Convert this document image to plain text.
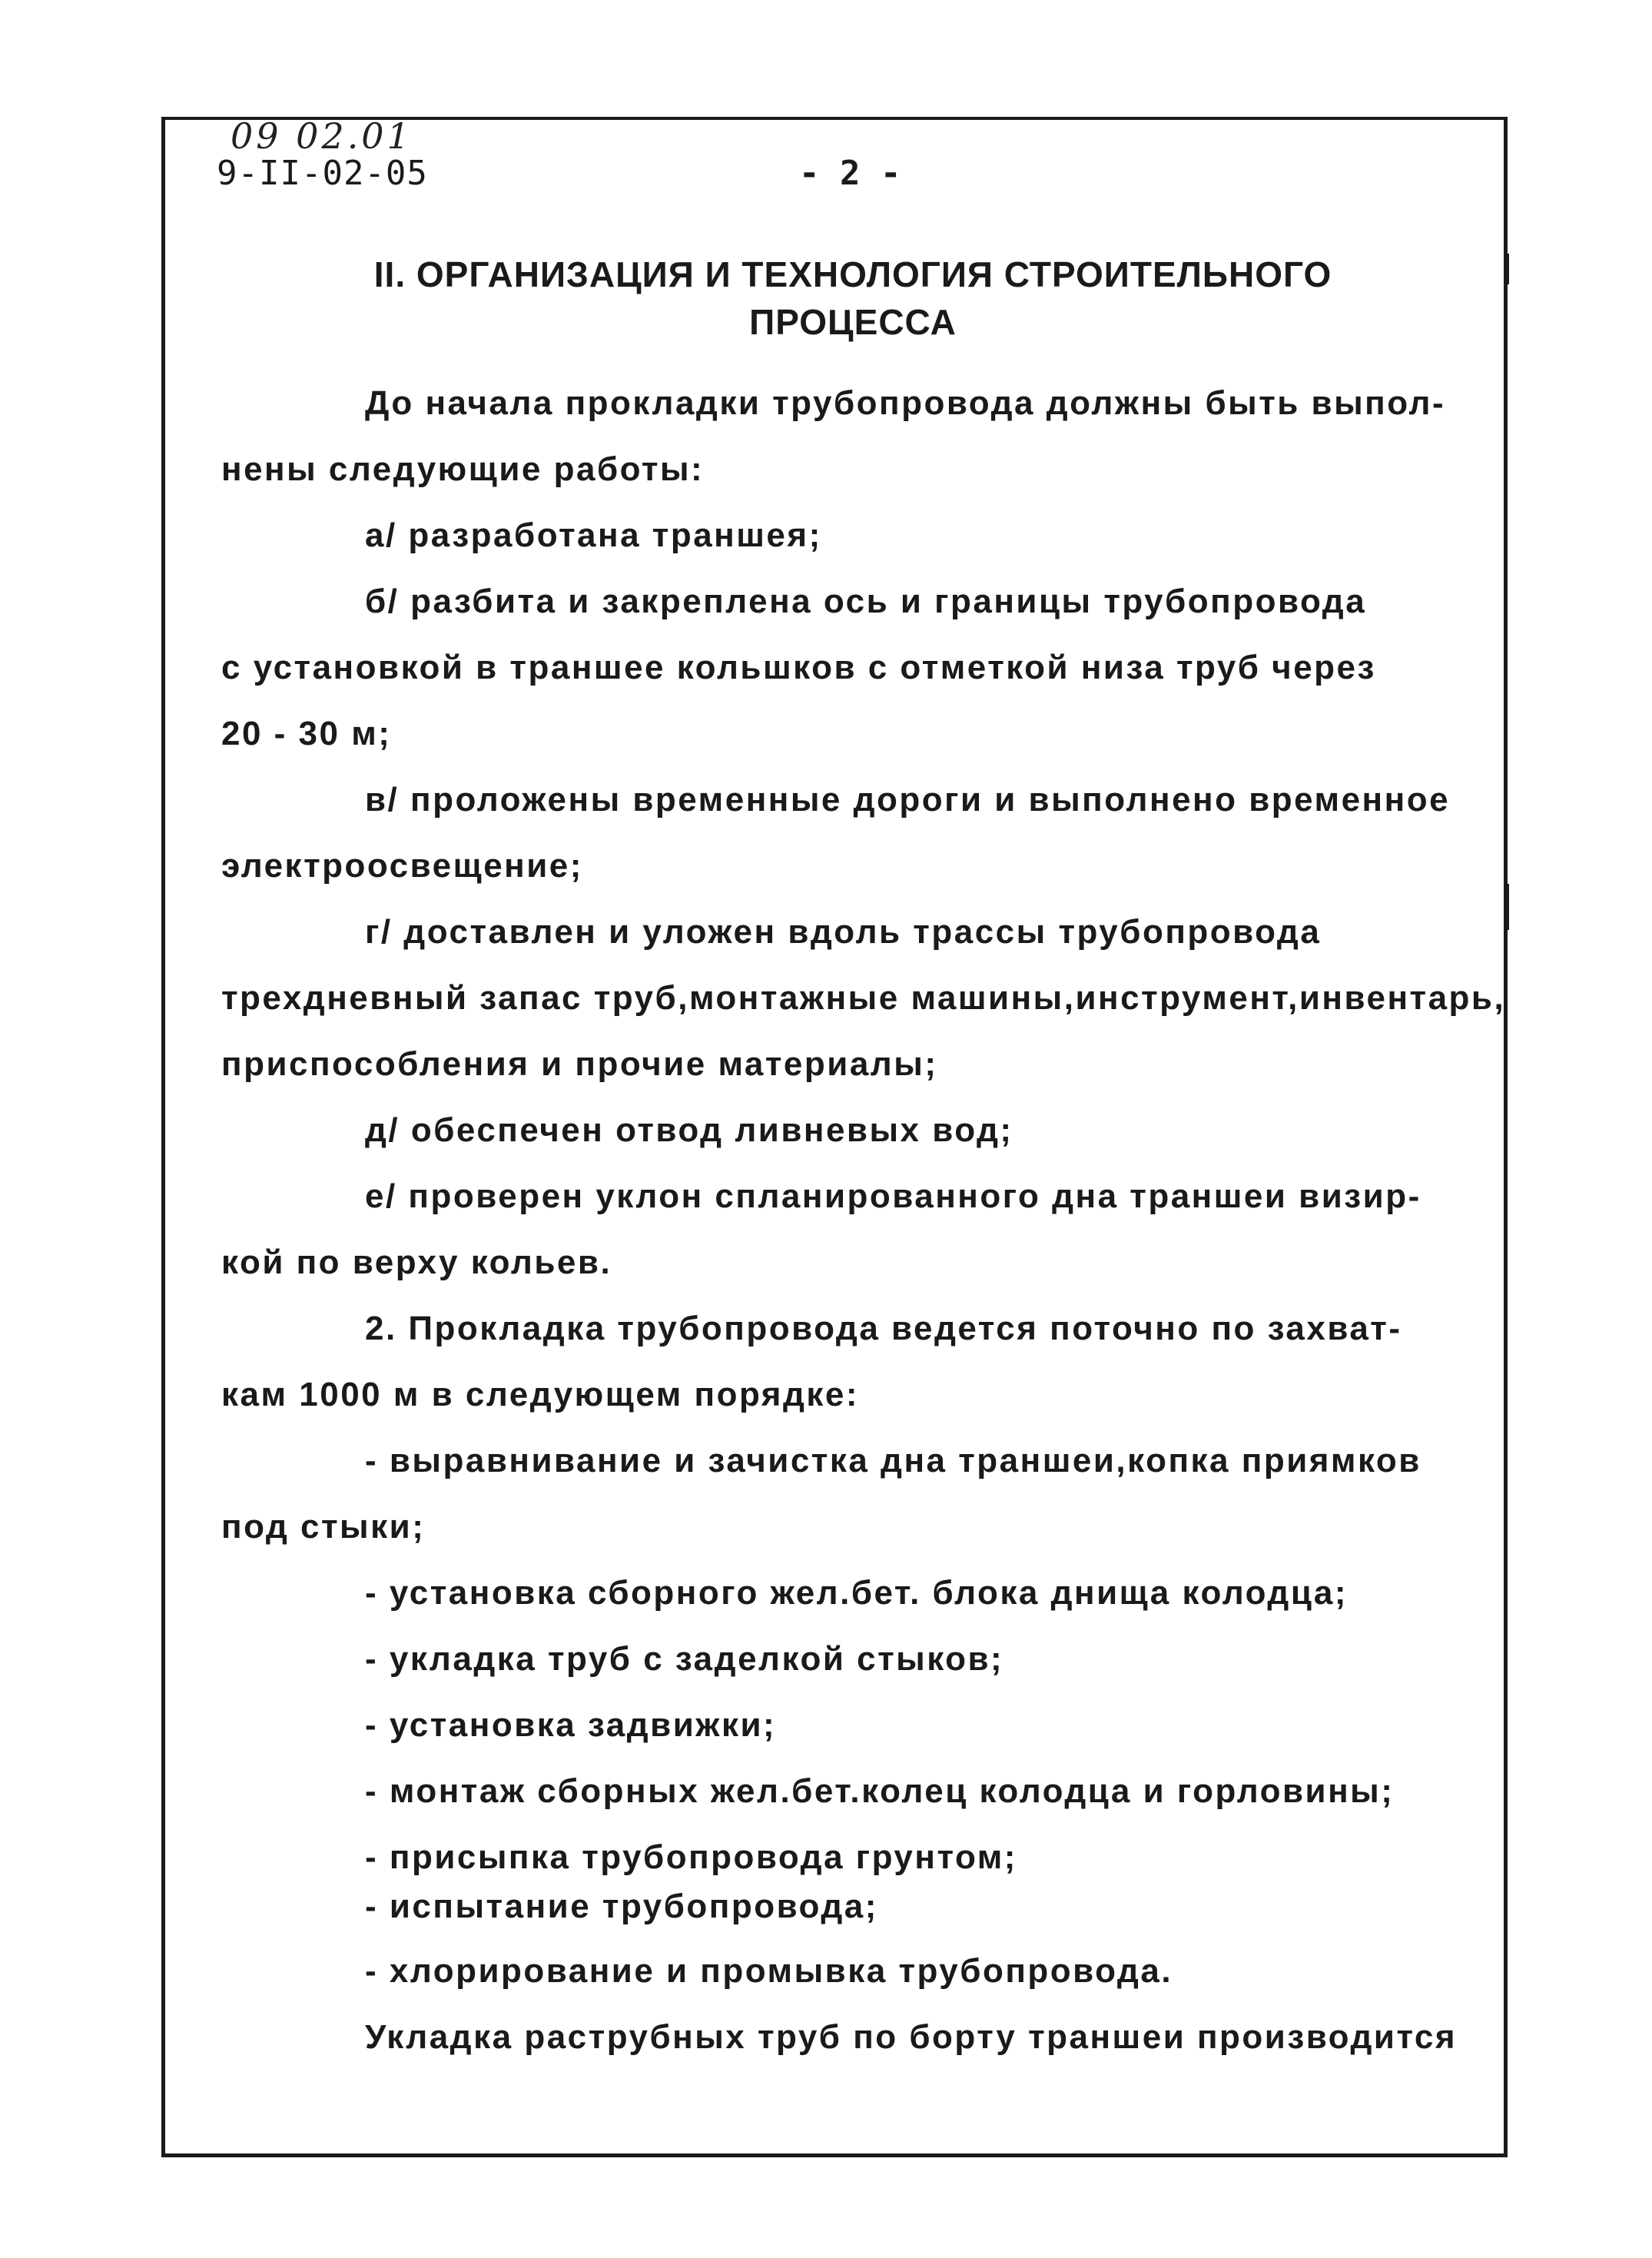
09 02.01
9-II-02-05	- 2 -
II. ОРГАНИЗАЦИЯ И ТЕХНОЛОГИЯ СТРОИТЕЛЬНОГО
ПРОЦЕССА
До начала прокладки трубопровода должны быть выпол-
нены следующие работы:
а/ разработана траншея;
б/ разбита и закреплена ось и границы трубопровода
с установкой в траншее кольшков с отметкой низа труб через
20 - 30 м;
в/ проложены временные дороги и выполнено временное
электроосвещение;
г/ доставлен и уложен вдоль трассы трубопровода
трехдневный запас труб,монтажные машины,инструмент,инвентарь,
приспособления и прочие материалы;
д/ обеспечен отвод ливневых вод;
е/ проверен уклон спланированного дна траншеи визир-
кой по верху кольев.
2. Прокладка трубопровода ведется поточно по захват-
кам 1000 м в следующем порядке:
- выравнивание и зачистка дна траншеи,копка приямков
под стыки;
- установка сборного жел.бет. блока днища колодца;
- укладка труб с заделкой стыков;
- установка задвижки;
- монтаж сборных жел.бет.колец колодца и горловины;
- присыпка трубопровода грунтом;
- испытание трубопровода;
- хлорирование и промывка трубопровода.
Укладка раструбных труб по борту траншеи производится
